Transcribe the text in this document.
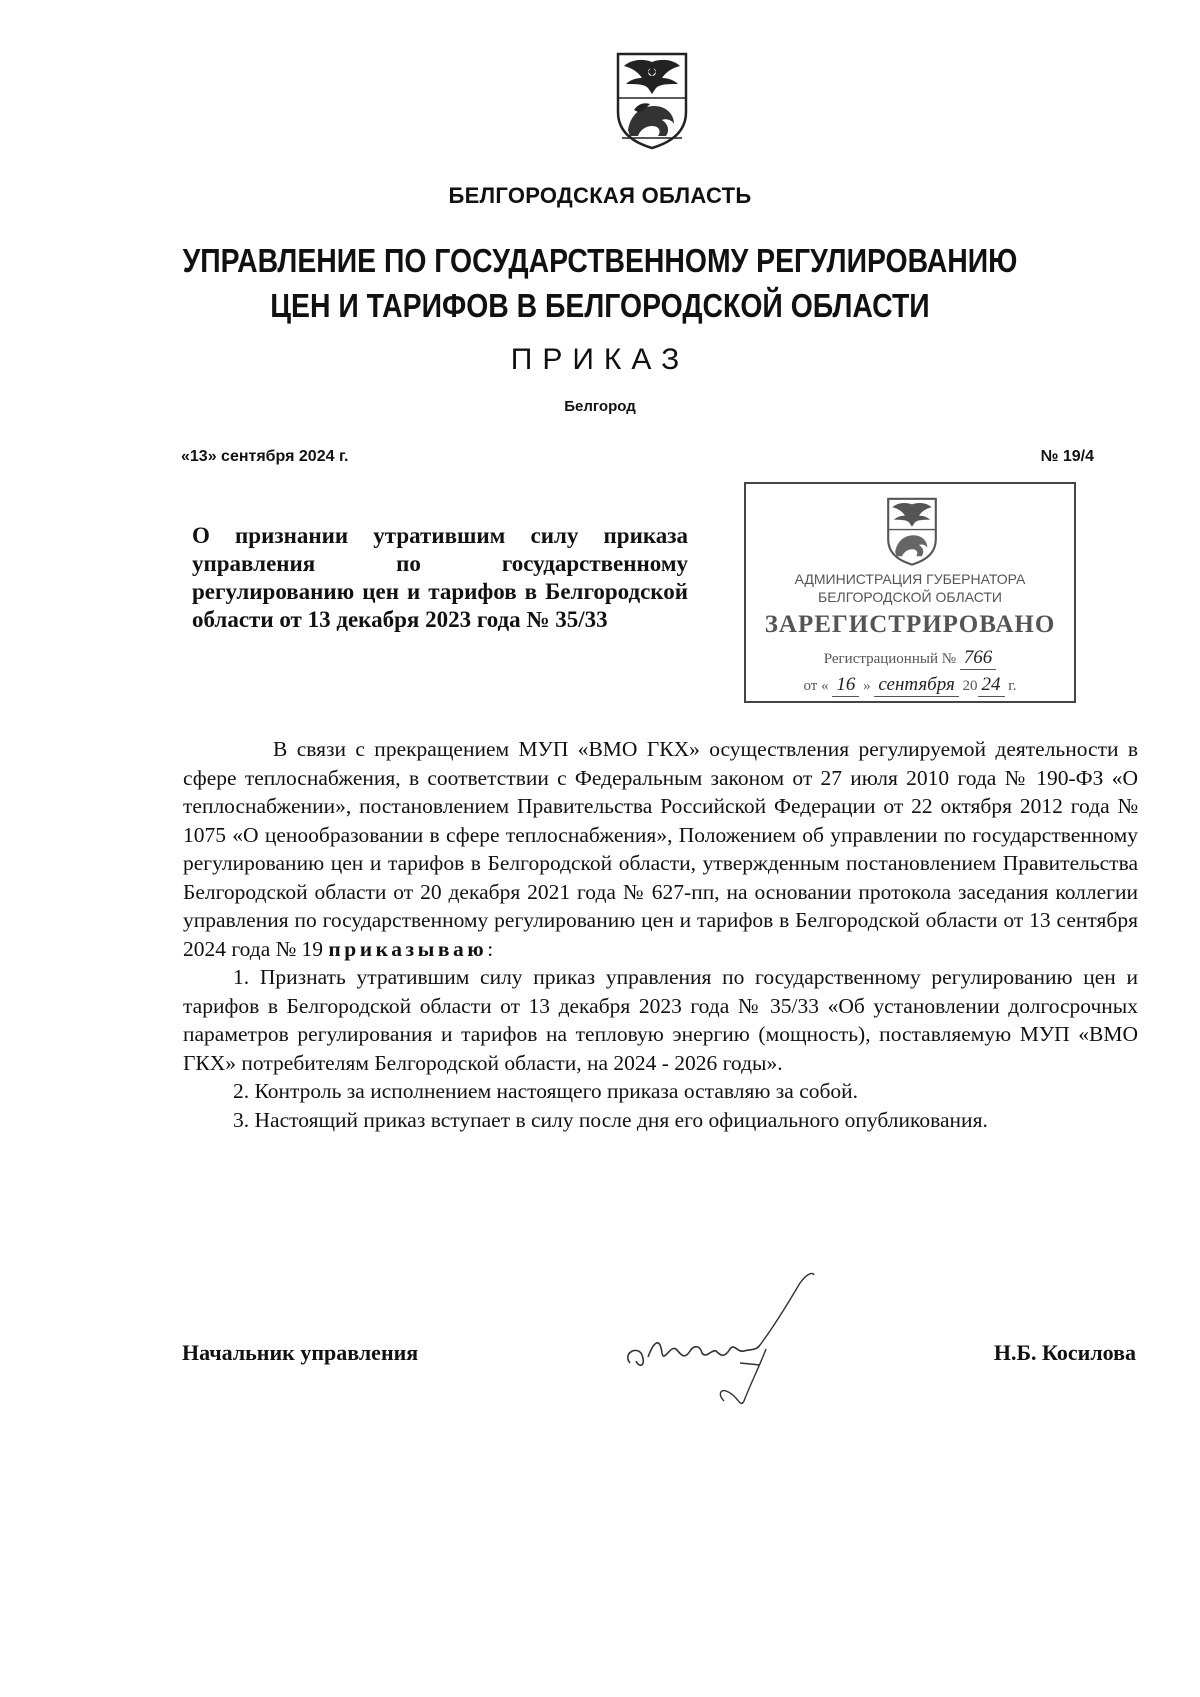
БЕЛГОРОДСКАЯ ОБЛАСТЬ
УПРАВЛЕНИЕ ПО ГОСУДАРСТВЕННОМУ РЕГУЛИРОВАНИЮ
ЦЕН И ТАРИФОВ В БЕЛГОРОДСКОЙ ОБЛАСТИ
ПРИКАЗ
Белгород
«13» сентября 2024 г.	№ 19/4
О признании утратившим силу приказа управления по государственному регулированию цен и тарифов в Белгородской области от 13 декабря 2023 года № 35/33
АДМИНИСТРАЦИЯ ГУБЕРНАТОРА
БЕЛГОРОДСКОЙ ОБЛАСТИ
ЗАРЕГИСТРИРОВАНО
Регистрационный № 766
от « 16 » сентября 20 24 г.

В связи с прекращением МУП «ВМО ГКХ» осуществления регулируемой деятельности в сфере теплоснабжения, в соответствии с Федеральным законом от 27 июля 2010 года № 190-ФЗ «О теплоснабжении», постановлением Правительства Российской Федерации от 22 октября 2012 года № 1075 «О ценообразовании в сфере теплоснабжения», Положением об управлении по государственному регулированию цен и тарифов в Белгородской области, утвержденным постановлением Правительства Белгородской области от 20 декабря 2021 года № 627-пп, на основании протокола заседания коллегии управления по государственному регулированию цен и тарифов в Белгородской области от 13 сентября 2024 года № 19 приказываю:

1. Признать утратившим силу приказ управления по государственному регулированию цен и тарифов в Белгородской области от 13 декабря 2023 года № 35/33 «Об установлении долгосрочных параметров регулирования и тарифов на тепловую энергию (мощность), поставляемую МУП «ВМО ГКХ» потребителям Белгородской области, на 2024 - 2026 годы».

2. Контроль за исполнением настоящего приказа оставляю за собой.

3. Настоящий приказ вступает в силу после дня его официального опубликования.

Начальник управления	Н.Б. Косилова
